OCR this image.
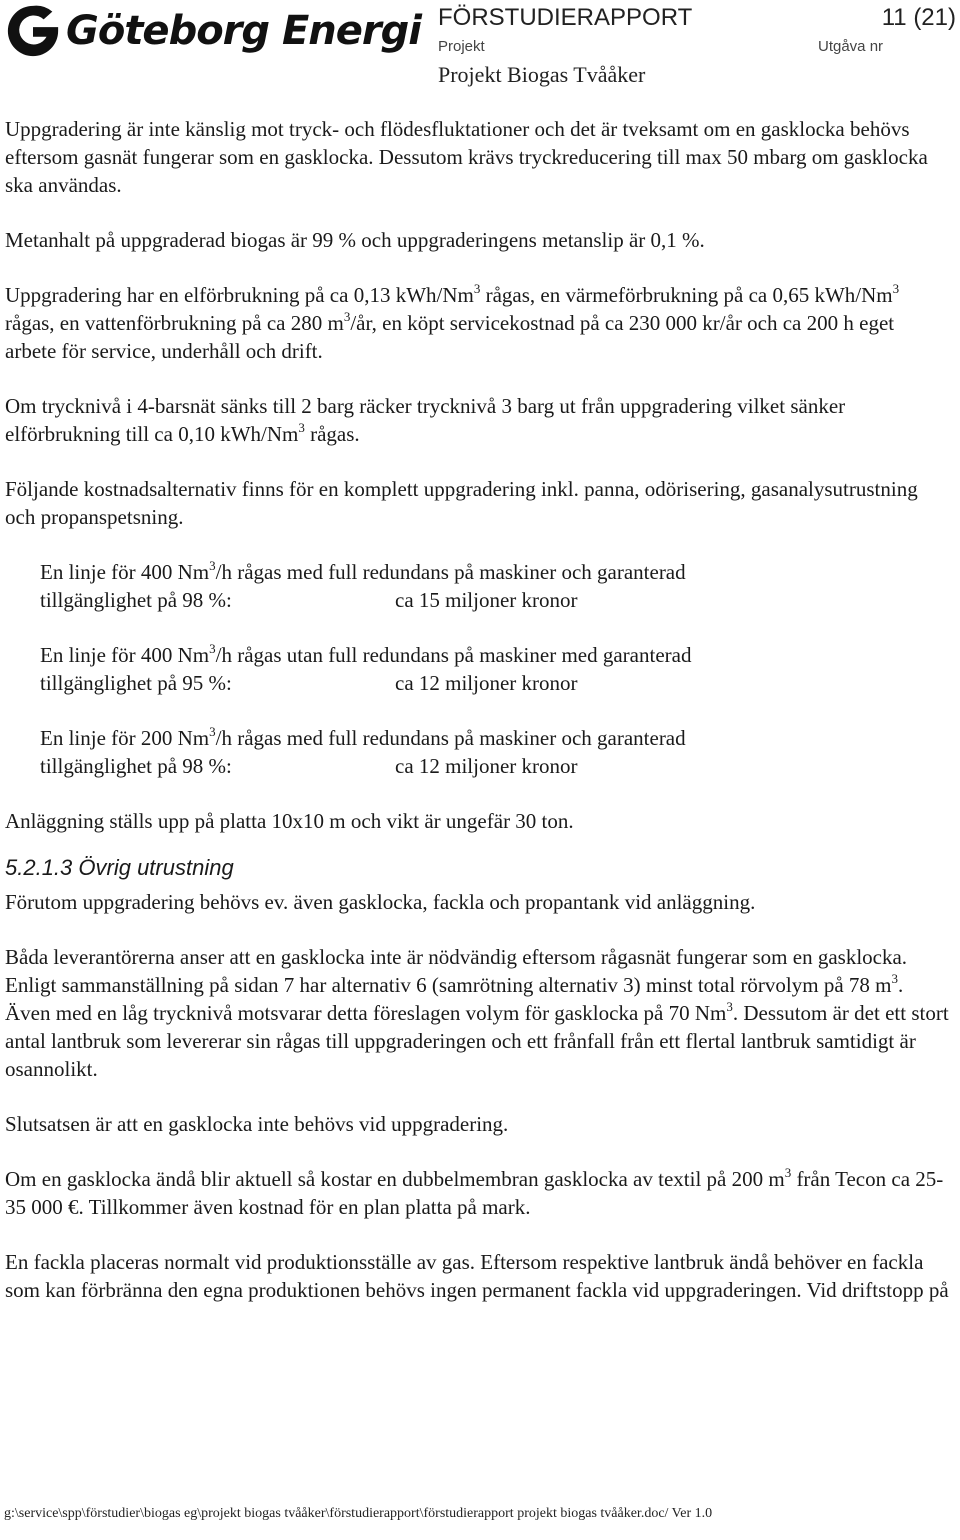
Göteborg Energi FÖRSTUDIERAPPORT	11 (21)
Projekt	Utgåva nr
Projekt Biogas Tvååker

Uppgradering är inte känslig mot tryck- och flödesfluktationer och det är tveksamt om en gasklocka behövs eftersom gasnät fungerar som en gasklocka. Dessutom krävs tryckreducering till max 50 mbarg om gasklocka ska användas.

Metanhalt på uppgraderad biogas är 99 % och uppgraderingens metanslip är 0,1 %.

Uppgradering har en elförbrukning på ca 0,13 kWh/Nm$^3$ rågas, en värmeförbrukning på ca 0,65 kWh/Nm$^3$ rågas, en vattenförbrukning på ca 280 $m^3/år$, en köpt servicekostnad på ca 230 000 kr/år och ca 200 h eget arbete för service, underhåll och drift.

Om trycknivå i 4-barsnät sänks till 2 barg räcker trycknivå 3 barg ut från uppgradering vilket sänker elförbrukning till ca 0,10 kWh/Nm$^3$ rågas.

Följande kostnadsalternativ finns för en komplett uppgradering inkl. panna, odörisering, gasanalysutrustning och propanspetsning.

En linje för 400 Nm$^3$/h rågas med full redundans på maskiner och garanterad
tillgänglighet på 98 %:	ca 15 miljoner kronor
En linje för 400 Nm$^3$/h rågas utan full redundans på maskiner med garanterad
tillgänglighet på 95 %:	ca 12 miljoner kronor
En linje för 200 Nm$^3$/h rågas med full redundans på maskiner och garanterad
tillgänglighet på 98 %:	ca 12 miljoner kronor

Anläggning ställs upp på platta 10x10 m och vikt är ungefär 30 ton.

5.2.1.3 Övrig utrustning

Förutom uppgradering behövs ev. även gasklocka, fackla och propantank vid anläggning.

Båda leverantörerna anser att en gasklocka inte är nödvändig eftersom rågasnät fungerar som en gasklocka. Enligt sammanställning på sidan 7 har alternativ 6 (samrötning alternativ 3) minst total rörvolym på 78 $m^3$. Även med en låg trycknivå motsvarar detta föreslagen volym för gasklocka på 70 Nm$^3$. Dessutom är det ett stort antal lantbruk som levererar sin rågas till uppgraderingen och ett frånfall från ett flertal lantbruk samtidigt är osannolikt.

Slutsatsen är att en gasklocka inte behövs vid uppgradering.

Om en gasklocka ändå blir aktuell så kostar en dubbelmembran gasklocka av textil på 200 $m^3$ från Tecon ca 25-35 000 €. Tillkommer även kostnad för en plan platta på mark.

En fackla placeras normalt vid produktionsställe av gas. Eftersom respektive lantbruk ändå behöver en fackla som kan förbränna den egna produktionen behövs ingen permanent fackla vid uppgraderingen. Vid driftstopp på

g:\service\spp\förstudier\biogas eg\projekt biogas tvååker\förstudierapport\förstudierapport projekt biogas tvååker.doc/ Ver 1.0
